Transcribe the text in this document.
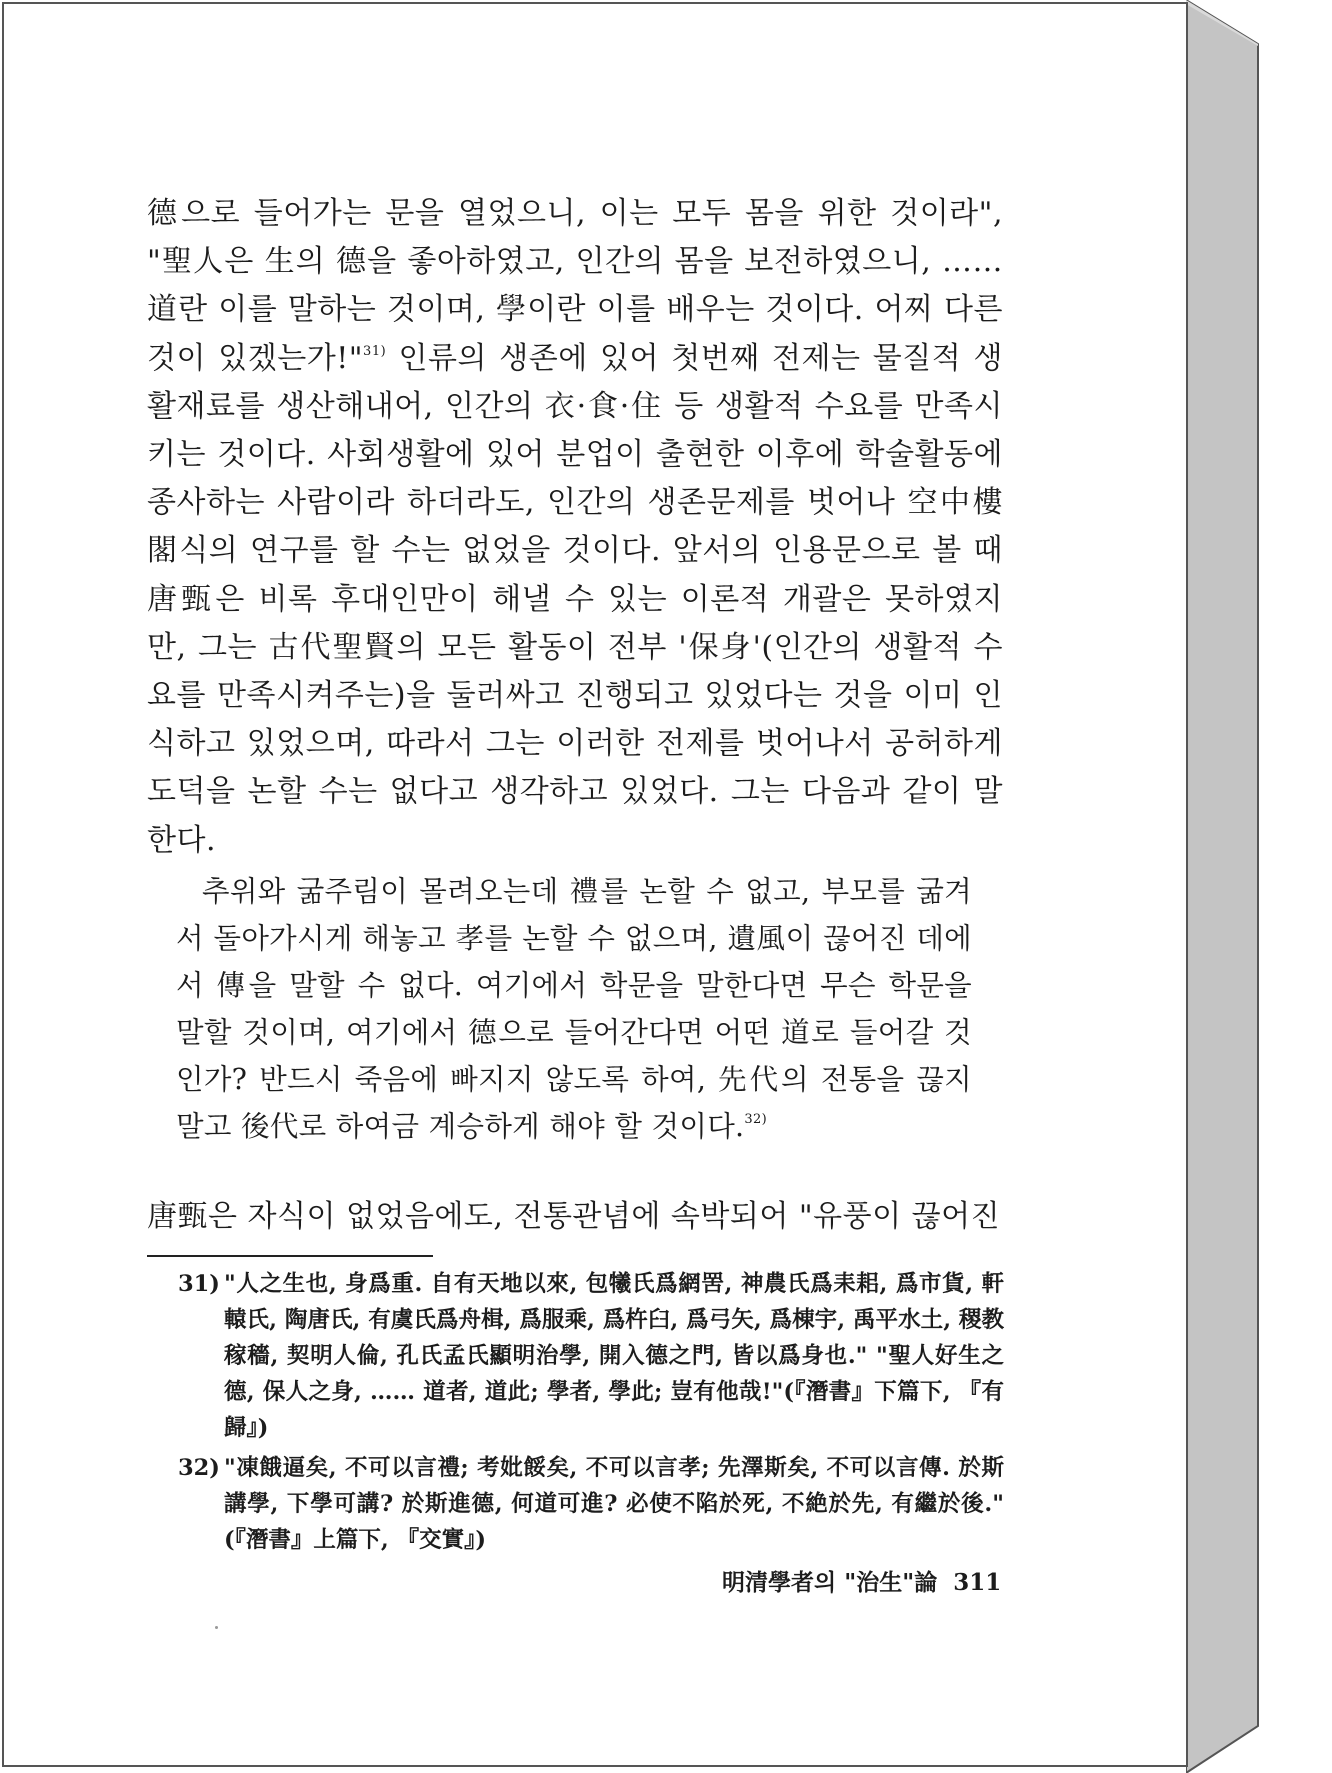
德으로 들어가는 문을 열었으니, 이는 모두 몸을 위한 것이라", "聖人은 生의 德을 좋아하였고, 인간의 몸을 보전하였으니, …… 道란 이를 말하는 것이며, 學이란 이를 배우는 것이다. 어찌 다른 것이 있겠는가!"$^{31)}$ 인류의 생존에 있어 첫번째 전제는 물질적 생활재료를 생산해내어, 인간의 衣·食·住 등 생활적 수요를 만족시키는 것이다. 사회생활에 있어 분업이 출현한 이후에 학술활동에 종사하는 사람이라 하더라도, 인간의 생존문제를 벗어나 空中樓閣식의 연구를 할 수는 없었을 것이다. 앞서의 인용문으로 볼 때 唐甄은 비록 후대인만이 해낼 수 있는 이론적 개괄은 못하였지만, 그는 古代聖賢의 모든 활동이 전부 '保身'(인간의 생활적 수요를 만족시켜주는)을 둘러싸고 진행되고 있었다는 것을 이미 인식하고 있었으며, 따라서 그는 이러한 전제를 벗어나서 공허하게 도덕을 논할 수는 없다고 생각하고 있었다. 그는 다음과 같이 말한다.

추위와 굶주림이 몰려오는데 禮를 논할 수 없고, 부모를 굶겨서 돌아가시게 해놓고 孝를 논할 수 없으며, 遺風이 끊어진 데에서 傳을 말할 수 없다. 여기에서 학문을 말한다면 무슨 학문을 말할 것이며, 여기에서 德으로 들어간다면 어떤 道로 들어갈 것인가? 반드시 죽음에 빠지지 않도록 하여, 先代의 전통을 끊지 말고 後代로 하여금 계승하게 해야 할 것이다.$^{32)}$

唐甄은 자식이 없었음에도, 전통관념에 속박되어 "유풍이 끊어진

31) "人之生也, 身爲重. 自有天地以來, 包犧氏爲網罟, 神農氏爲耒耜, 爲市貨, 軒轅氏, 陶唐氏, 有虞氏爲舟楫, 爲服乘, 爲杵臼, 爲弓矢, 爲棟宇, 禹平水土, 稷教稼穡, 契明人倫, 孔氏孟氏顯明治學, 開入德之門, 皆以爲身也." "聖人好生之德, 保人之身, …… 道者, 道此; 學者, 學此; 豈有他哉!"(『潛書』下篇下, 『有歸』)

32) "凍餓逼矣, 不可以言禮; 考妣餒矣, 不可以言孝; 先澤斯矣, 不可以言傳. 於斯講學, 下學可講? 於斯進德, 何道可進? 必使不陷於死, 不絶於先, 有繼於後." (『潛書』上篇下, 『交實』)

明清學者의 "治生"論 311
